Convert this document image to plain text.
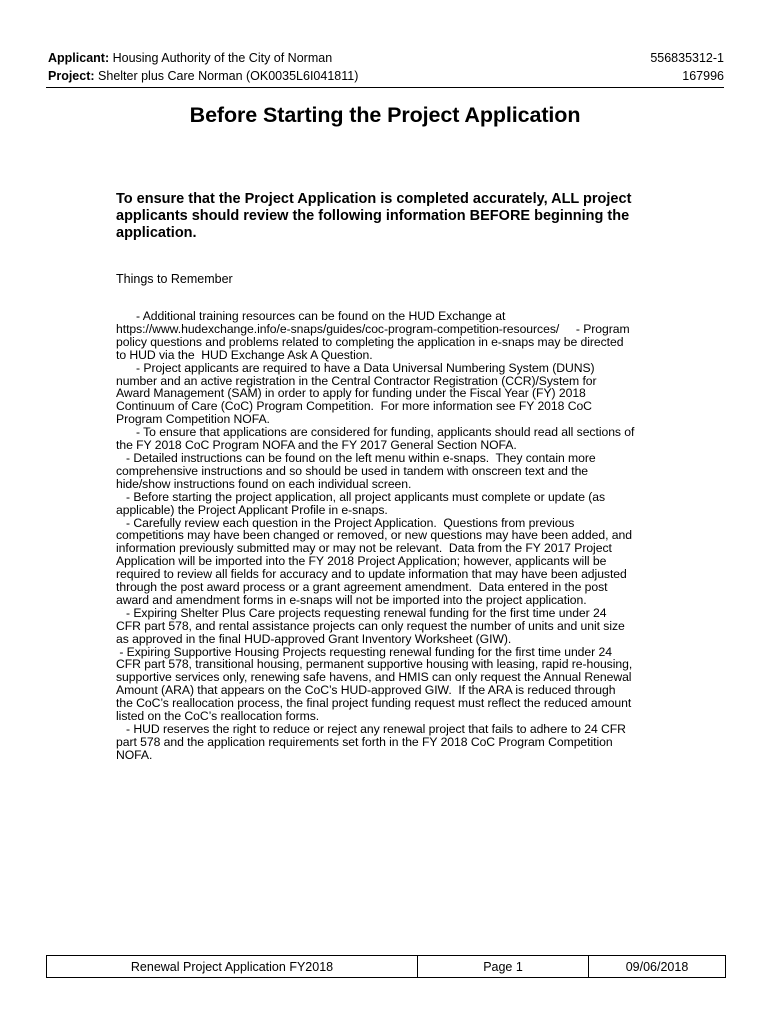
Applicant: Housing Authority of the City of Norman	556835312-1
Project: Shelter plus Care Norman (OK0035L6I041811)	167996
Before Starting the Project Application
To ensure that the Project Application is completed accurately, ALL project applicants should review the following information BEFORE beginning the application.
Things to Remember
- Additional training resources can be found on the HUD Exchange at
https://www.hudexchange.info/e-snaps/guides/coc-program-competition-resources/     - Program
policy questions and problems related to completing the application in e-snaps may be directed
to HUD via the  HUD Exchange Ask A Question.
- Project applicants are required to have a Data Universal Numbering System (DUNS)
number and an active registration in the Central Contractor Registration (CCR)/System for
Award Management (SAM) in order to apply for funding under the Fiscal Year (FY) 2018
Continuum of Care (CoC) Program Competition.  For more information see FY 2018 CoC
Program Competition NOFA.
- To ensure that applications are considered for funding, applicants should read all sections of
the FY 2018 CoC Program NOFA and the FY 2017 General Section NOFA.
- Detailed instructions can be found on the left menu within e-snaps.  They contain more
comprehensive instructions and so should be used in tandem with onscreen text and the
hide/show instructions found on each individual screen.
- Before starting the project application, all project applicants must complete or update (as
applicable) the Project Applicant Profile in e-snaps.
- Carefully review each question in the Project Application.  Questions from previous
competitions may have been changed or removed, or new questions may have been added, and
information previously submitted may or may not be relevant.  Data from the FY 2017 Project
Application will be imported into the FY 2018 Project Application; however, applicants will be
required to review all fields for accuracy and to update information that may have been adjusted
through the post award process or a grant agreement amendment.  Data entered in the post
award and amendment forms in e-snaps will not be imported into the project application.
- Expiring Shelter Plus Care projects requesting renewal funding for the first time under 24
CFR part 578, and rental assistance projects can only request the number of units and unit size
as approved in the final HUD-approved Grant Inventory Worksheet (GIW).
- Expiring Supportive Housing Projects requesting renewal funding for the first time under 24
CFR part 578, transitional housing, permanent supportive housing with leasing, rapid re-housing,
supportive services only, renewing safe havens, and HMIS can only request the Annual Renewal
Amount (ARA) that appears on the CoC’s HUD-approved GIW.  If the ARA is reduced through
the CoC’s reallocation process, the final project funding request must reflect the reduced amount
listed on the CoC’s reallocation forms.
- HUD reserves the right to reduce or reject any renewal project that fails to adhere to 24 CFR
part 578 and the application requirements set forth in the FY 2018 CoC Program Competition
NOFA.
Renewal Project Application FY2018	Page 1	09/06/2018
